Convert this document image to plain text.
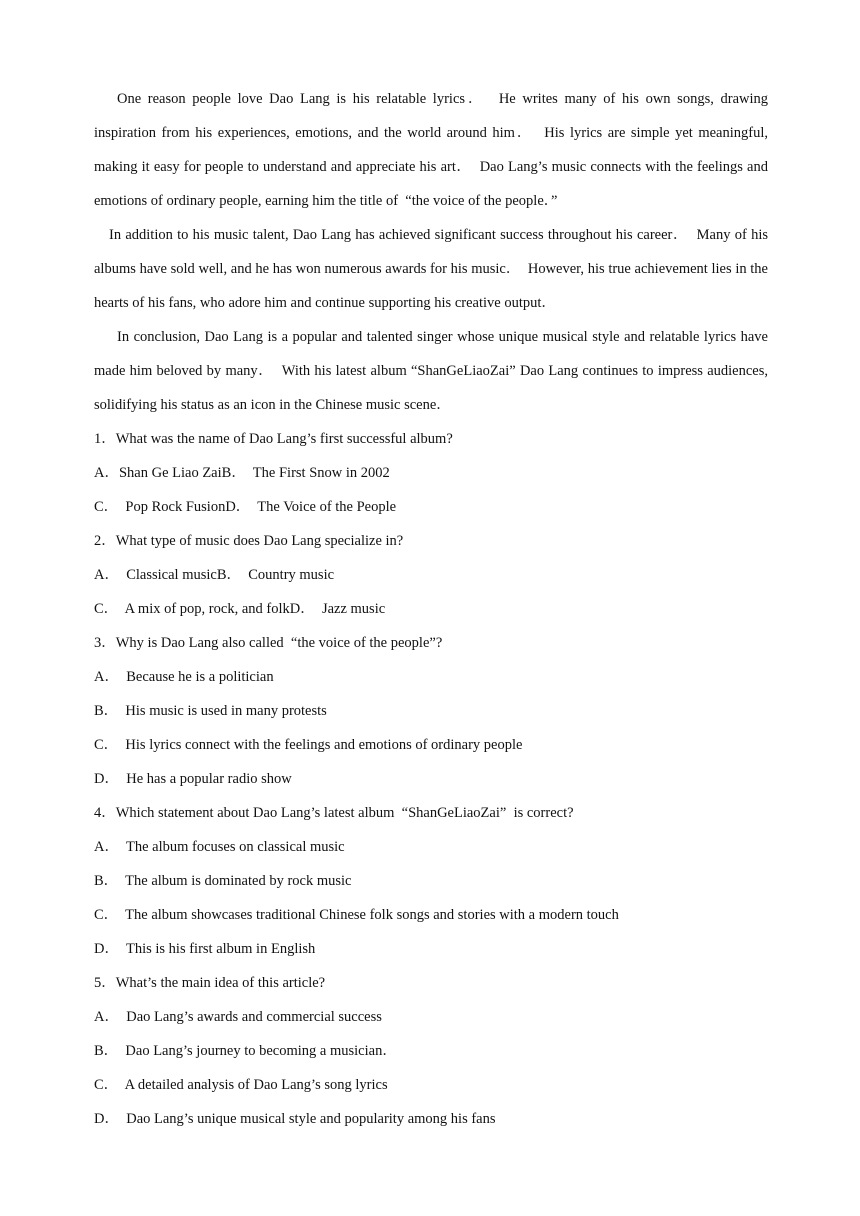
One reason people love Dao Lang is his relatable lyrics．  He writes many of his own songs, drawing inspiration from his experiences, emotions, and the world around him．  His lyrics are simple yet meaningful, making it easy for people to understand and appreciate his art．  Dao Lang’s music connects with the feelings and emotions of ordinary people, earning him the title of  “the voice of the people．”

In addition to his music talent, Dao Lang has achieved significant success throughout his career．  Many of his albums have sold well, and he has won numerous awards for his music．  However, his true achievement lies in the hearts of his fans, who adore him and continue supporting his creative output．

In conclusion, Dao Lang is a popular and talented singer whose unique musical style and relatable lyrics have made him beloved by many．  With his latest album “ShanGeLiaoZai” Dao Lang continues to impress audiences, solidifying his status as an icon in the Chinese music scene．

1．What was the name of Dao Lang’s first successful album?

A．Shan Ge Liao ZaiB．  The First Snow in 2002

C．  Pop Rock FusionD．  The Voice of the People

2．What type of music does Dao Lang specialize in?

A．  Classical musicB．  Country music

C．  A mix of pop, rock, and folkD．  Jazz music

3．Why is Dao Lang also called  “the voice of the people”?

A．  Because he is a politician

B．  His music is used in many protests

C．  His lyrics connect with the feelings and emotions of ordinary people

D．  He has a popular radio show

4．Which statement about Dao Lang’s latest album  “ShanGeLiaoZai”  is correct?

A．  The album focuses on classical music

B．  The album is dominated by rock music

C．  The album showcases traditional Chinese folk songs and stories with a modern touch

D．  This is his first album in English

5．What’s the main idea of this article?

A．  Dao Lang’s awards and commercial success

B．  Dao Lang’s journey to becoming a musician．

C．  A detailed analysis of Dao Lang’s song lyrics

D．  Dao Lang’s unique musical style and popularity among his fans
